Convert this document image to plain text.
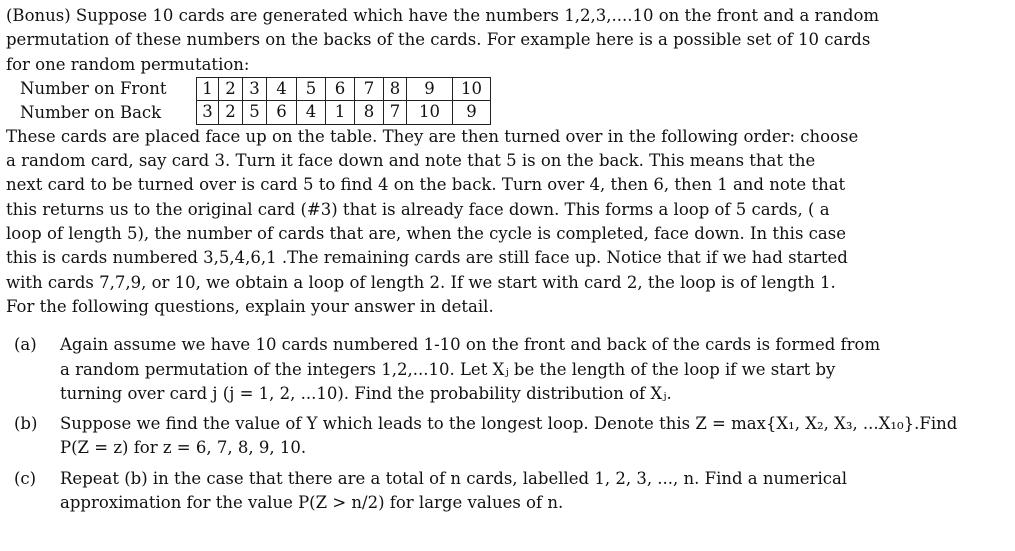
(Bonus) Suppose 10 cards are generated which have the numbers 1,2,3,....10 on the front and a random
permutation of these numbers on the backs of the cards. For example here is a possible set of 10 cards
for one random permutation:
Number on Front	1 2 3	4	5	6	7 8	9	10
Number on Back	3 2 5	6	4	1	8 7	10	9
These cards are placed face up on the table. They are then turned over in the following order: choose
a random card, say card 3. Turn it face down and note that 5 is on the back. This means that the
next card to be turned over is card 5 to find 4 on the back. Turn over 4, then 6, then 1 and note that
this returns us to the original card (#3) that is already face down. This forms a loop of 5 cards, ( a
loop of length 5), the number of cards that are, when the cycle is completed, face down. In this case
this is cards numbered 3,5,4,6,1 .The remaining cards are still face up. Notice that if we had started
with cards 7,7,9, or 10, we obtain a loop of length 2. If we start with card 2, the loop is of length 1.
For the following questions, explain your answer in detail.
(a)	Again assume we have 10 cards numbered 1-10 on the front and back of the cards is formed from
a random permutation of the integers 1,2,...10. Let Xⱼ be the length of the loop if we start by
turning over card j (j = 1, 2, ...10). Find the probability distribution of Xⱼ.
(b)	Suppose we find the value of Y which leads to the longest loop. Denote this Z = max{X₁, X₂, X₃, ...X₁₀}.Find
P(Z = z) for z = 6, 7, 8, 9, 10.
(c)	Repeat (b) in the case that there are a total of n cards, labelled 1, 2, 3, ..., n. Find a numerical
approximation for the value P(Z > n/2) for large values of n.
